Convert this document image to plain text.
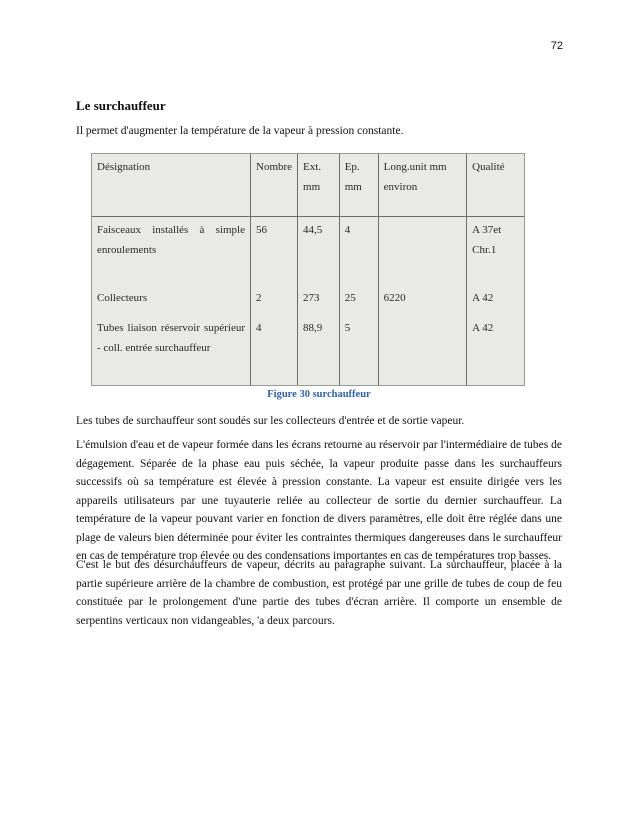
72
Le surchauffeur
Il permet d'augmenter la température de la vapeur à pression constante.
Désignation	Nombre	Ext. mm	Ep. mm	Long.unit mm environ	Qualité
Faisceaux installés à simple enroulements	56	44,5	4		A 37et Chr.1
Collecteurs	2	273	25	6220	A 42
Tubes liaison réservoir supérieur - coll. entrée surchauffeur	4	88,9	5		A 42
Figure 30 surchauffeur

Les tubes de surchauffeur sont soudés sur les collecteurs d'entrée et de sortie vapeur.

L'émulsion d'eau et de vapeur formée dans les écrans retourne au réservoir par l'intermédiaire de tubes de dégagement. Séparée de la phase eau puis séchée, la vapeur produite passe dans les surchauffeurs successifs où sa température est élevée à pression constante. La vapeur est ensuite dirigée vers les appareils utilisateurs par une tuyauterie reliée au collecteur de sortie du dernier surchauffeur. La température de la vapeur pouvant varier en fonction de divers paramètres, elle doit être réglée dans une plage de valeurs bien déterminée pour éviter les contraintes thermiques dangereuses dans le surchauffeur en cas de température trop élevée ou des condensations importantes en cas de températures trop basses.

C'est le but des désurchauffeurs de vapeur, décrits au paragraphe suivant. La surchauffeur, placée à la partie supérieure arrière de la chambre de combustion, est protégé par une grille de tubes de coup de feu constituée par le prolongement d'une partie des tubes d'écran arrière. Il comporte un ensemble de serpentins verticaux non vidangeables, 'a deux parcours.
